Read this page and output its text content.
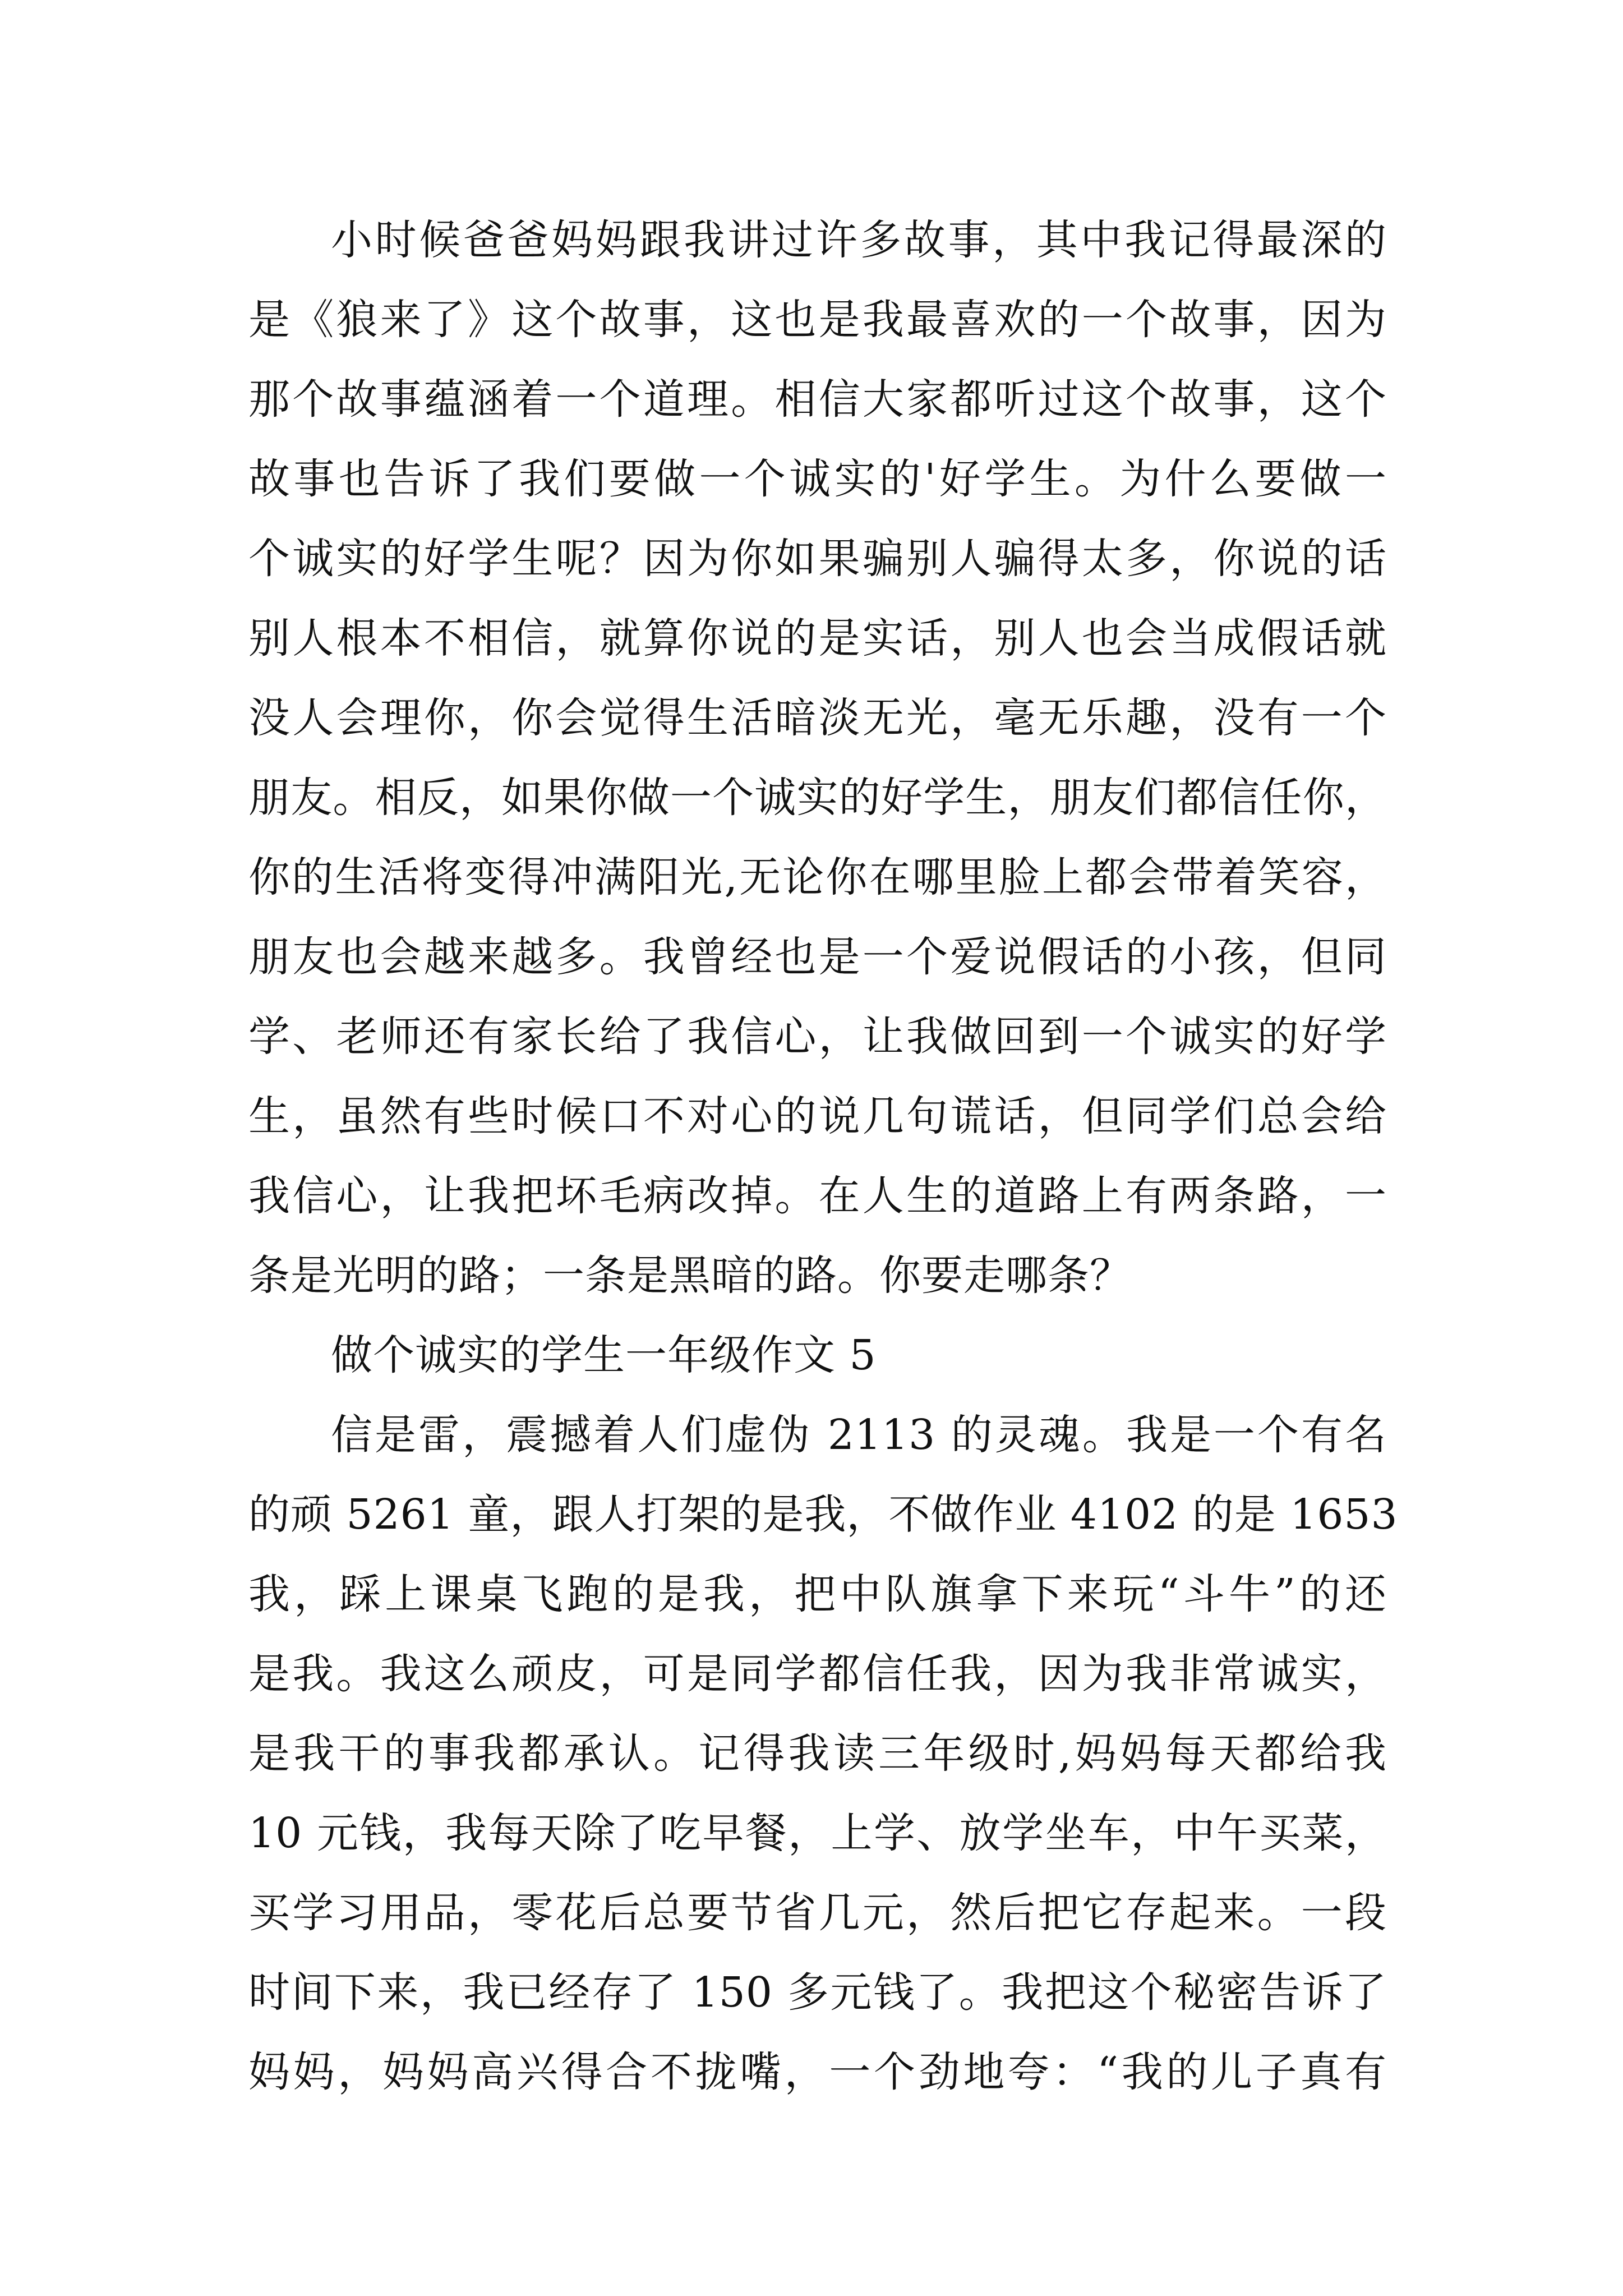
小时候爸爸妈妈跟我讲过许多故事，其中我记得最深的
是《狼来了》这个故事，这也是我最喜欢的一个故事，因为
那个故事蕴涵着一个道理。相信大家都听过这个故事，这个
故事也告诉了我们要做一个诚实的'好学生。为什么要做一
个诚实的好学生呢？因为你如果骗别人骗得太多，你说的话
别人根本不相信，就算你说的是实话，别人也会当成假话就
没人会理你，你会觉得生活暗淡无光，毫无乐趣，没有一个
朋友。相反，如果你做一个诚实的好学生，朋友们都信任你，
你的生活将变得冲满阳光,无论你在哪里脸上都会带着笑容，
朋友也会越来越多。我曾经也是一个爱说假话的小孩，但同
学、老师还有家长给了我信心，让我做回到一个诚实的好学
生，虽然有些时候口不对心的说几句谎话，但同学们总会给
我信心，让我把坏毛病改掉。在人生的道路上有两条路，一
条是光明的路；一条是黑暗的路。你要走哪条？
做个诚实的学生一年级作文 5
信是雷，震撼着人们虚伪 2113 的灵魂。我是一个有名
的顽 5261 童，跟人打架的是我，不做作业 4102 的是 1653
我，踩上课桌飞跑的是我，把中队旗拿下来玩“斗牛”的还
是我。我这么顽皮，可是同学都信任我，因为我非常诚实，
是我干的事我都承认。记得我读三年级时,妈妈每天都给我
10 元钱，我每天除了吃早餐，上学、放学坐车，中午买菜，
买学习用品，零花后总要节省几元，然后把它存起来。一段
时间下来，我已经存了 150 多元钱了。我把这个秘密告诉了
妈妈，妈妈高兴得合不拢嘴，一个劲地夸：“我的儿子真有
